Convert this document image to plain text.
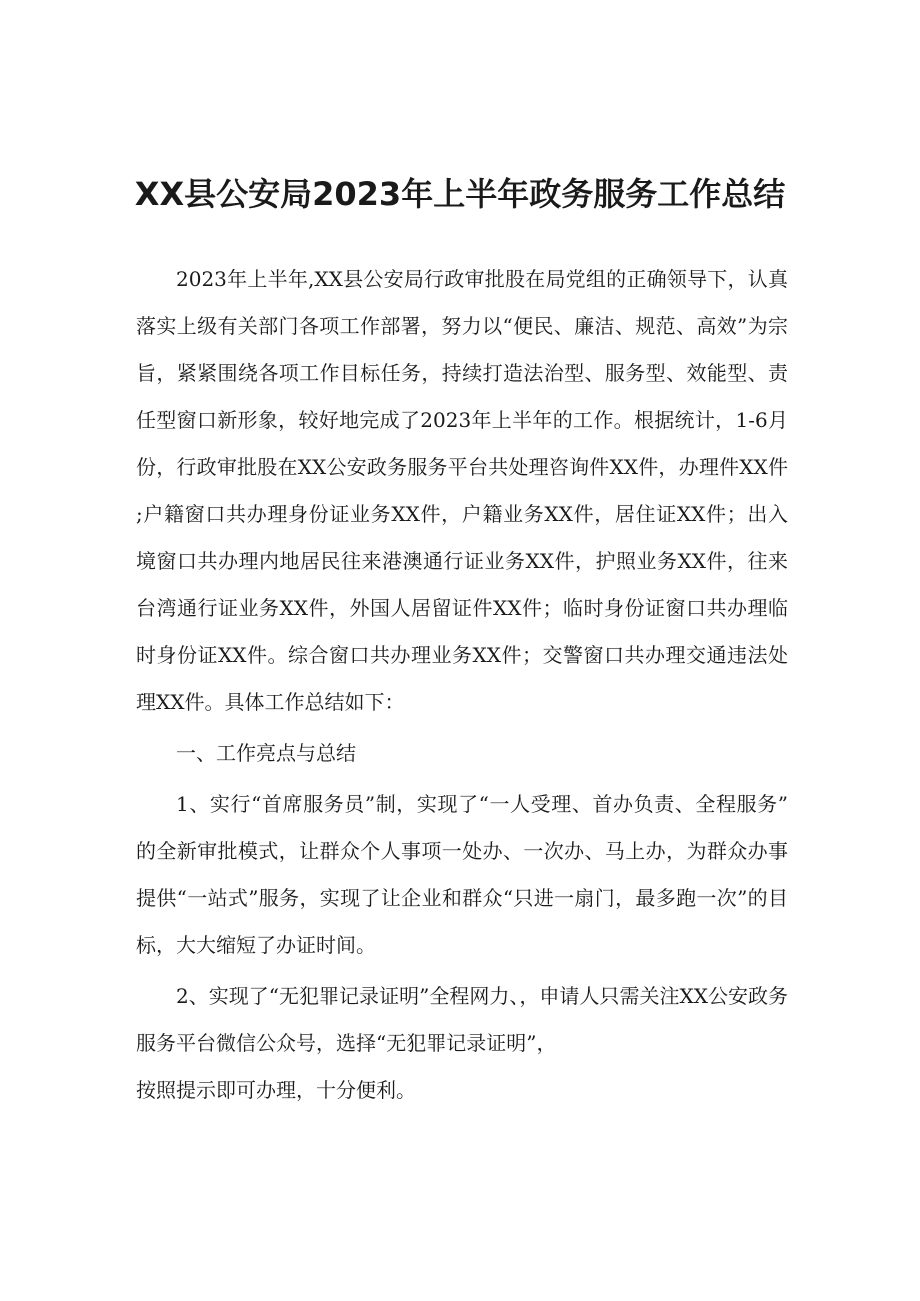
XX县公安局2023年上半年政务服务工作总结

2023年上半年,XX县公安局行政审批股在局党组的正确领导下，认真落实上级有关部门各项工作部署，努力以“便民、廉洁、规范、高效”为宗旨，紧紧围绕各项工作目标任务，持续打造法治型、服务型、效能型、责任型窗口新形象，较好地完成了2023年上半年的工作。根据统计，1-6月份，行政审批股在XX公安政务服务平台共处理咨询件XX件，办理件XX件;户籍窗口共办理身份证业务XX件，户籍业务XX件，居住证XX件；出入境窗口共办理内地居民往来港澳通行证业务XX件，护照业务XX件，往来台湾通行证业务XX件，外国人居留证件XX件；临时身份证窗口共办理临时身份证XX件。综合窗口共办理业务XX件；交警窗口共办理交通违法处理XX件。具体工作总结如下：

一、工作亮点与总结

1、实行“首席服务员”制，实现了“一人受理、首办负责、全程服务”的全新审批模式，让群众个人事项一处办、一次办、马上办，为群众办事提供“一站式”服务，实现了让企业和群众“只进一扇门，最多跑一次”的目标，大大缩短了办证时间。

2、实现了“无犯罪记录证明”全程网力、，申请人只需关注XX公安政务服务平台微信公众号，选择“无犯罪记录证明”，

按照提示即可办理，十分便利。
